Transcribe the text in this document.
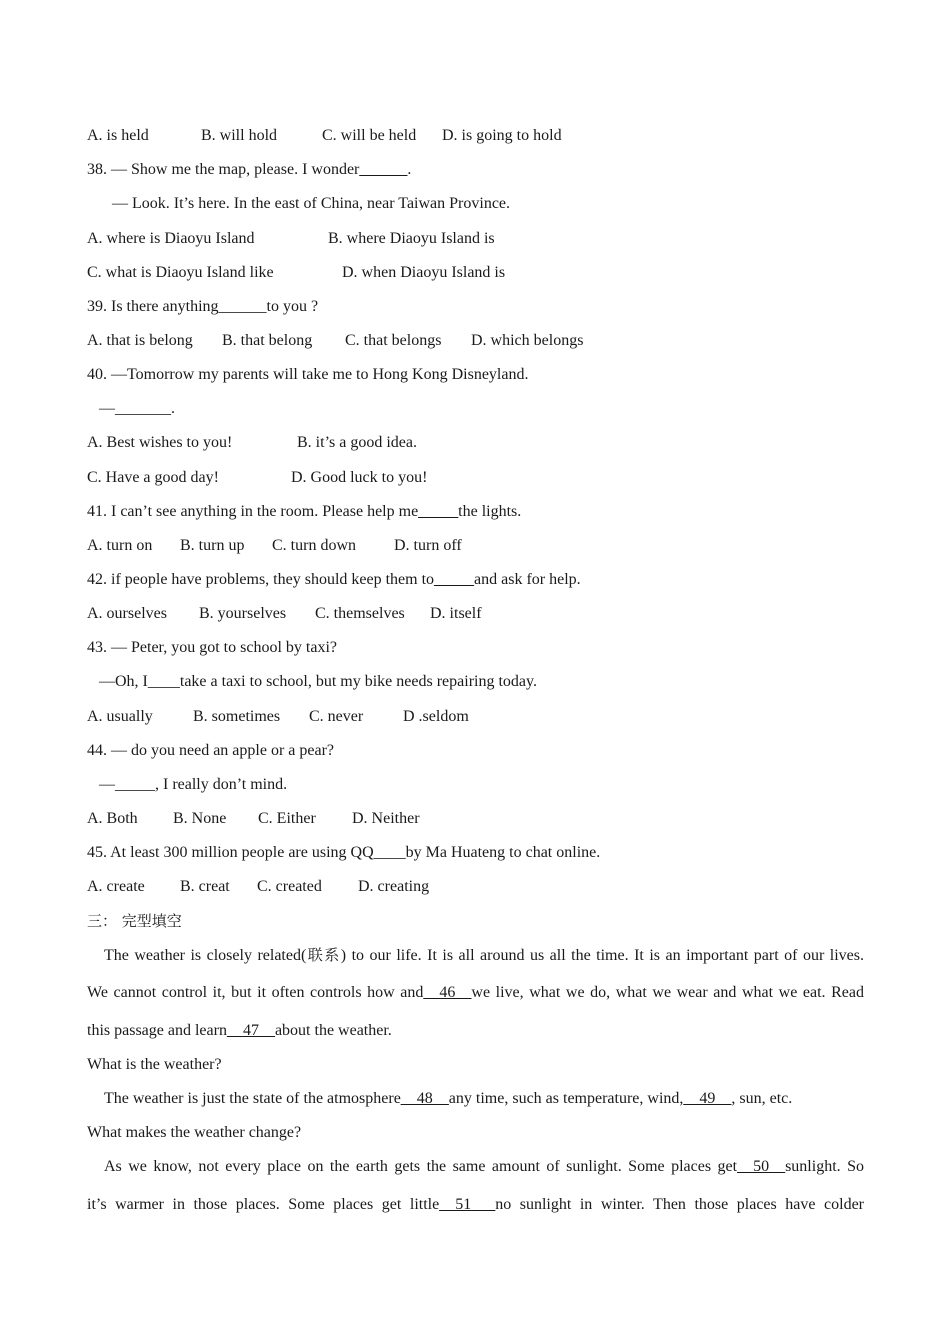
A. is held	B. will hold	C. will be held D. is going to hold
38. — Show me the map, please. I wonder______.
— Look. It’s here. In the east of China, near Taiwan Province.
A. where is Diaoyu Island	B. where Diaoyu Island is
C. what is Diaoyu Island like	D. when Diaoyu Island is
39. Is there anything______to you ?
A. that is belong B. that belong C. that belongs D. which belongs
40. —Tomorrow my parents will take me to Hong Kong Disneyland.
—_______.
A. Best wishes to you!	B. it’s a good idea.
C. Have a good day!	D. Good luck to you!
41. I can’t see anything in the room. Please help me_____the lights.
A. turn on B. turn up C. turn down D. turn off
42. if people have problems, they should keep them to_____and ask for help.
A. ourselves B. yourselves C. themselves D. itself
43. — Peter, you got to school by taxi?
—Oh, I____take a taxi to school, but my bike needs repairing today.
A. usually	B. sometimes C. never D .seldom
44. — do you need an apple or a pear?
—_____, I really don’t mind.
A. Both B. None C. Either D. Neither
45. At least 300 million people are using QQ____by Ma Huateng to chat online.
A. create B. creat C. created D. creating
三： 完型填空
The weather is closely related(联系) to our life. It is all around us all the time. It is an important part of our lives.
We cannot control it, but it often controls how and__46__we live, what we do, what we wear and what we eat. Read
this passage and learn__47__about the weather.
What is the weather?
The weather is just the state of the atmosphere__48__any time, such as temperature, wind,__49__, sun, etc.
What makes the weather change?
As we know, not every place on the earth gets the same amount of sunlight. Some places get__50__sunlight. So
it’s warmer in those places. Some places get little__51___no sunlight in winter. Then those places have colder
